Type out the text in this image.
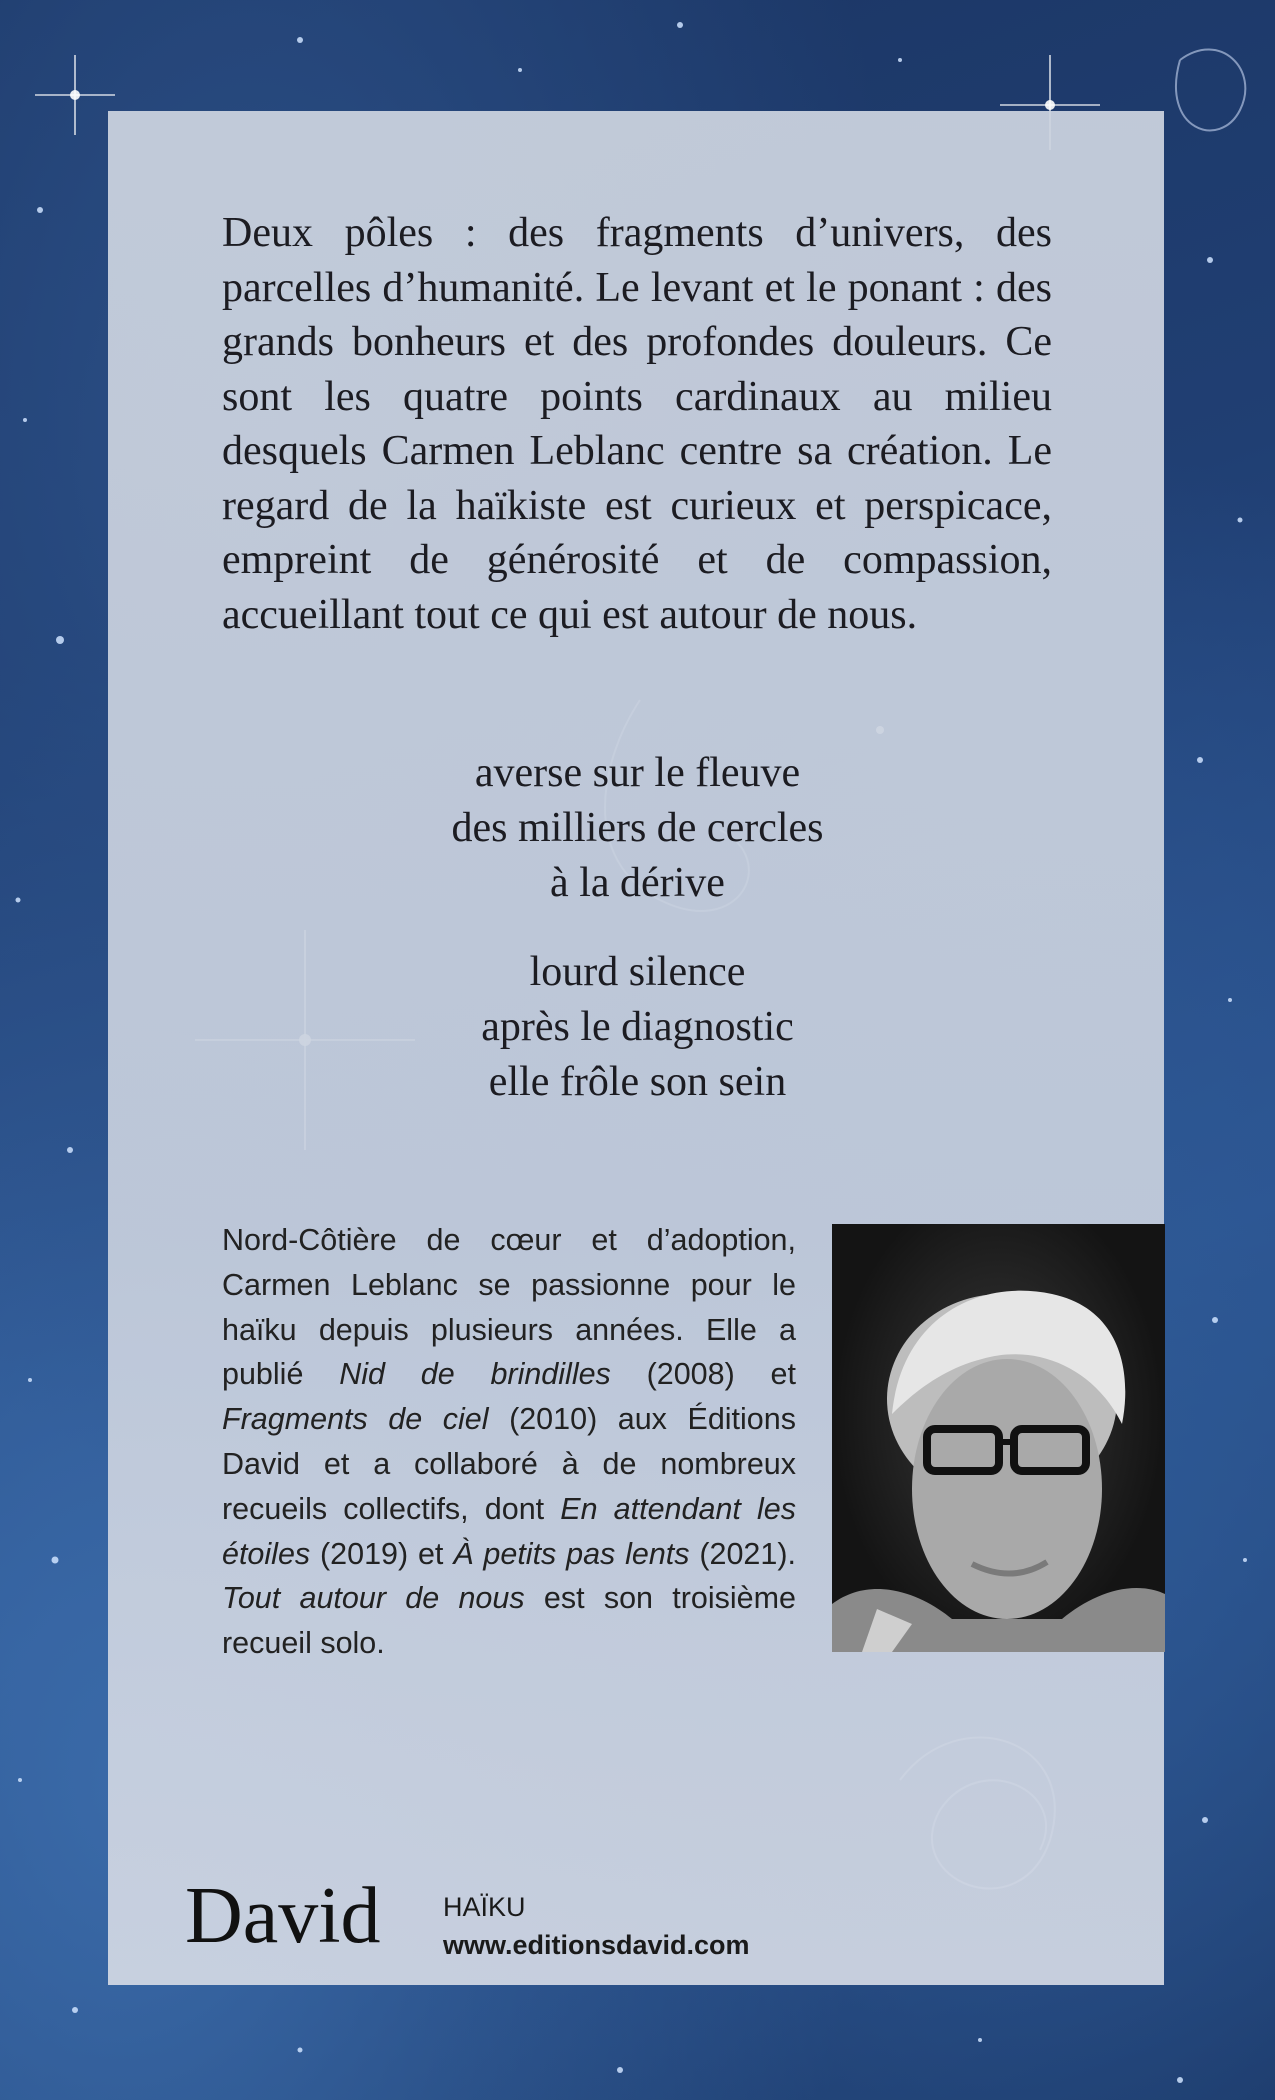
Deux pôles : des fragments d’univers, des parcelles d’humanité. Le levant et le ponant : des grands bonheurs et des profondes douleurs. Ce sont les quatre points cardinaux au milieu desquels Carmen Leblanc centre sa création. Le regard de la haïkiste est curieux et perspicace, empreint de générosité et de compassion, accueillant tout ce qui est autour de nous.

averse sur le fleuve
des milliers de cercles
à la dérive
lourd silence
après le diagnostic
elle frôle son sein

Nord-Côtière de cœur et d’adoption, Carmen Leblanc se passionne pour le haïku depuis plusieurs années. Elle a publié Nid de brindilles (2008) et Fragments de ciel (2010) aux Éditions David et a collaboré à de nombreux recueils collectifs, dont En attendant les étoiles (2019) et À petits pas lents (2021). Tout autour de nous est son troisième recueil solo.

David HAÏKU
www.editionsdavid.com
